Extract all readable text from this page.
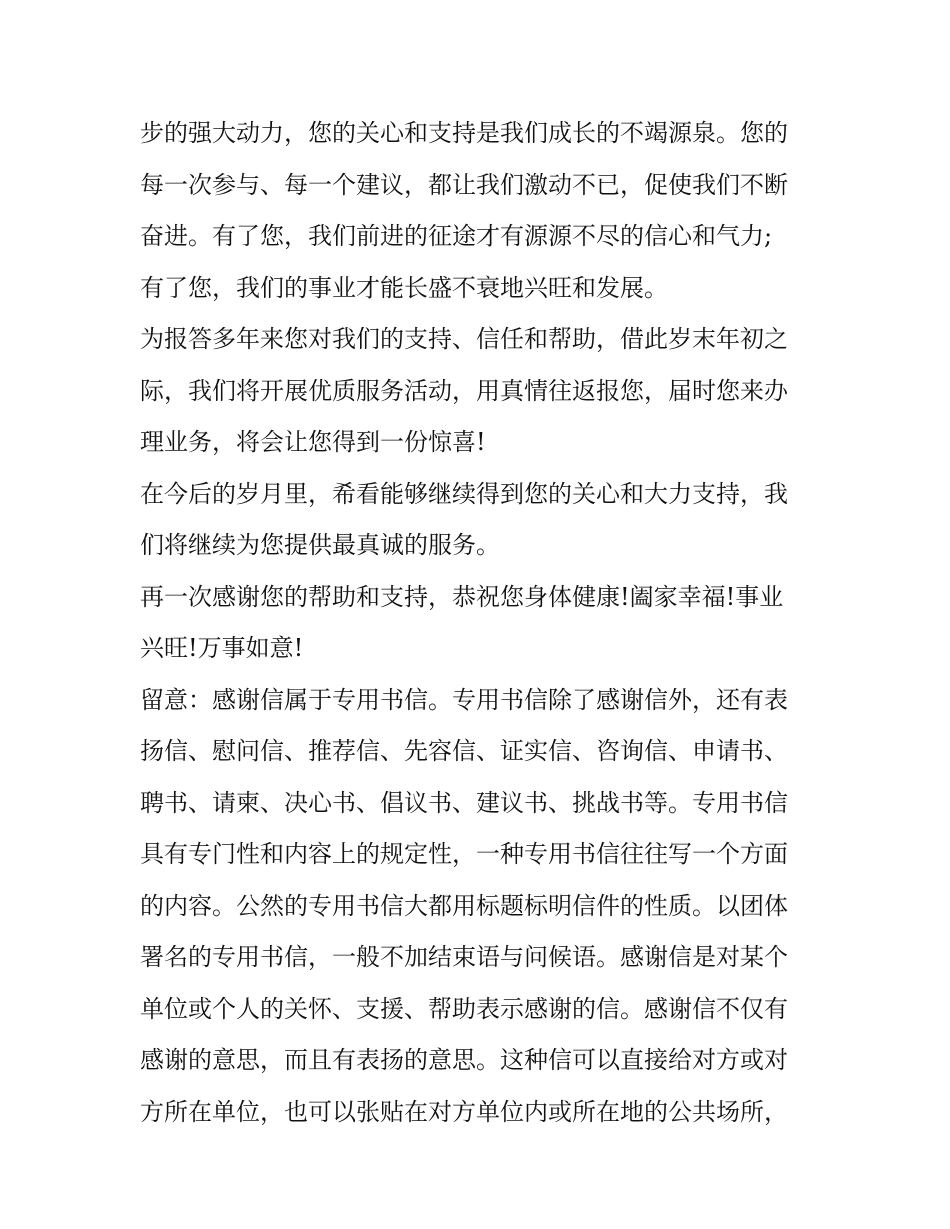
步的强大动力，您的关心和支持是我们成长的不竭源泉。您的
每一次参与、每一个建议，都让我们激动不已，促使我们不断
奋进。有了您，我们前进的征途才有源源不尽的信心和气力;
有了您，我们的事业才能长盛不衰地兴旺和发展。
为报答多年来您对我们的支持、信任和帮助，借此岁末年初之
际，我们将开展优质服务活动，用真情往返报您，届时您来办
理业务，将会让您得到一份惊喜!
在今后的岁月里，希看能够继续得到您的关心和大力支持，我
们将继续为您提供最真诚的服务。
再一次感谢您的帮助和支持，恭祝您身体健康!阖家幸福!事业
兴旺!万事如意!
留意：感谢信属于专用书信。专用书信除了感谢信外，还有表
扬信、慰问信、推荐信、先容信、证实信、咨询信、申请书、
聘书、请柬、决心书、倡议书、建议书、挑战书等。专用书信
具有专门性和内容上的规定性，一种专用书信往往写一个方面
的内容。公然的专用书信大都用标题标明信件的性质。以团体
署名的专用书信，一般不加结束语与问候语。感谢信是对某个
单位或个人的关怀、支援、帮助表示感谢的信。感谢信不仅有
感谢的意思，而且有表扬的意思。这种信可以直接给对方或对
方所在单位，也可以张贴在对方单位内或所在地的公共场所，
